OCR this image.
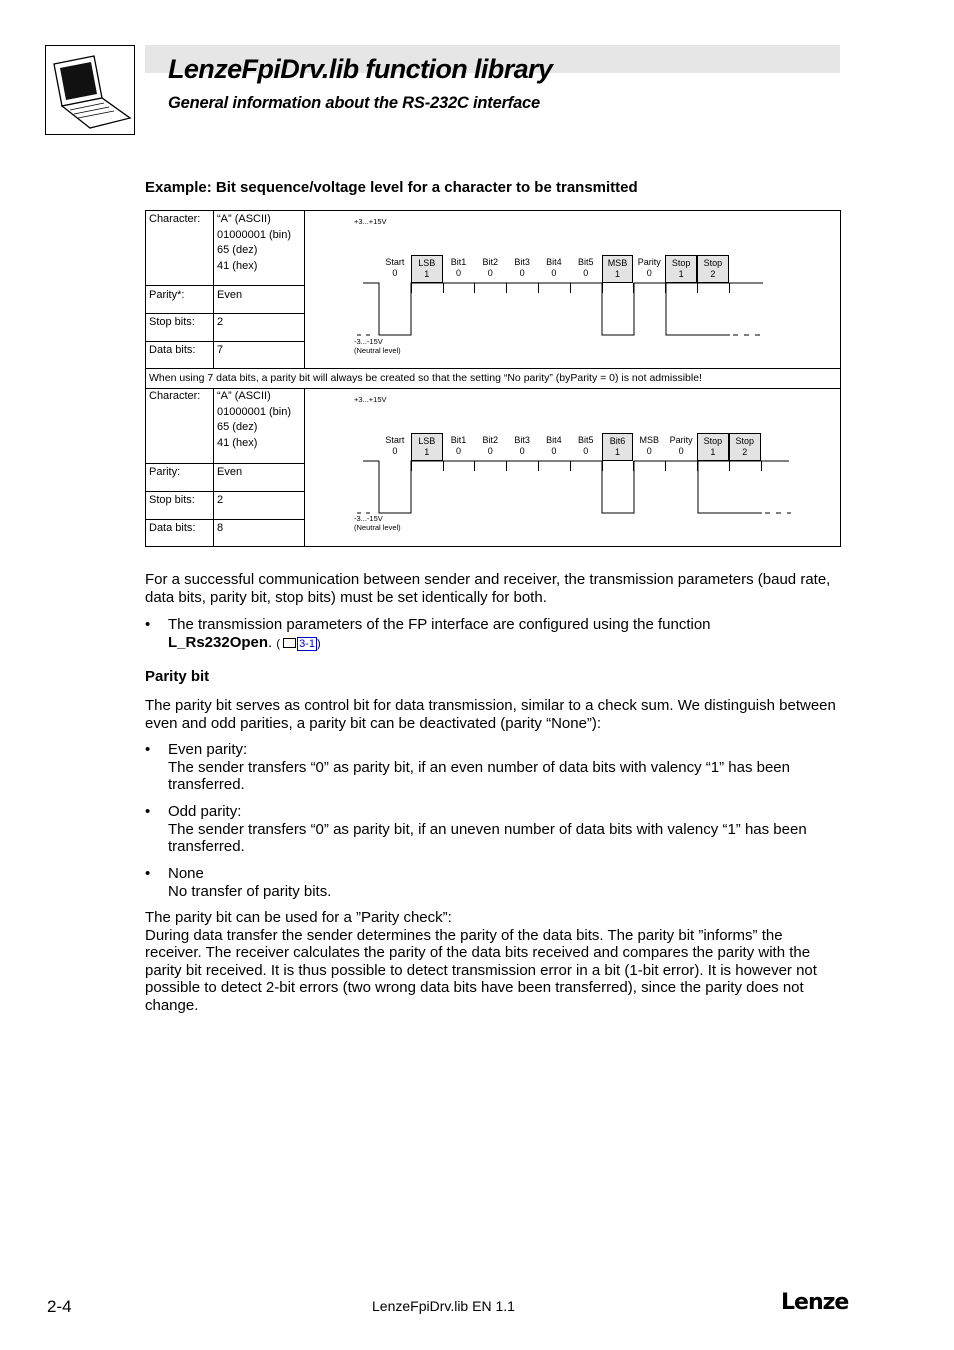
LenzeFpiDrv.lib function library
General information about the RS-232C interface
Example: Bit sequence/voltage level for a character to be transmitted
Character: “A” (ASCII)
01000001 (bin)
65 (dez)
41 (hex)
Parity*:	Even
Stop bits: 2
Data bits: 7
When using 7 data bits, a parity bit will always be created so that the setting “No parity” (byParity = 0) is not admissible!
Character: “A” (ASCII)
01000001 (bin)
65 (dez)
41 (hex)
Parity:	Even
Stop bits: 2
Data bits: 8
+3...+15V
-3...-15V
(Neutral level)
Start
0
LSB
1
Bit1
0
Bit2
0
Bit3
0
Bit4
0
Bit5
0
MSB
1
Parity
0
Stop
1
Stop
2
+3...+15V
-3...-15V
(Neutral level)
Start
0
LSB
1
Bit1
0
Bit2
0
Bit3
0
Bit4
0
Bit5
0
Bit6
1
MSB
0
Parity
0
Stop
1
Stop
2
For a successful communication between sender and receiver, the transmission parameters (baud rate, data bits, parity bit, stop bits) must be set identically for both.
• The transmission parameters of the FP interface are configured using the function
L_Rs232Open. ( 3-1 )
Parity bit
The parity bit serves as control bit for data transmission, similar to a check sum. We distinguish between even and odd parities, a parity bit can be deactivated (parity “None”):
• Even parity:
The sender transfers “0” as parity bit, if an even number of data bits with valency “1” has been transferred.
• Odd parity:
The sender transfers “0” as parity bit, if an uneven number of data bits with valency “1” has been transferred.
• None
No transfer of parity bits.
The parity bit can be used for a ”Parity check”:
During data transfer the sender determines the parity of the data bits. The parity bit ”informs” the receiver. The receiver calculates the parity of the data bits received and compares the parity with the parity bit received. It is thus possible to detect transmission error in a bit (1-bit error). It is however not possible to detect 2-bit errors (two wrong data bits have been transferred), since the parity does not change.
2-4	LenzeFpiDrv.lib EN 1.1	Lenze
